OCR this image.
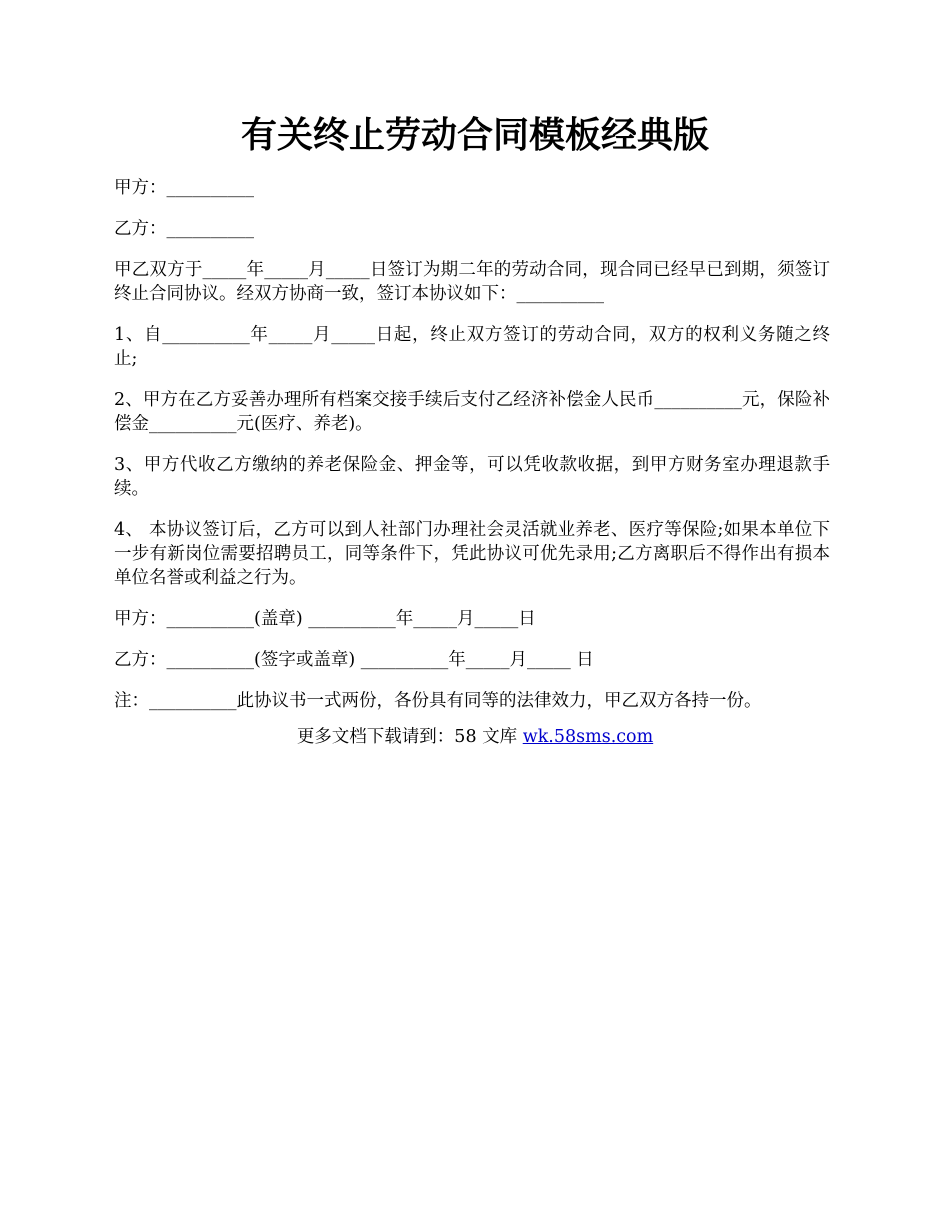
有关终止劳动合同模板经典版

甲方：__________

乙方：__________

甲乙双方于_____年_____月_____日签订为期二年的劳动合同，现合同已经早已到期，须签订终止合同协议。经双方协商一致，签订本协议如下：__________

1、自__________年_____月_____日起，终止双方签订的劳动合同，双方的权利义务随之终止;

2、甲方在乙方妥善办理所有档案交接手续后支付乙经济补偿金人民币__________元，保险补偿金__________元(医疗、养老)。

3、甲方代收乙方缴纳的养老保险金、押金等，可以凭收款收据，到甲方财务室办理退款手续。

4、 本协议签订后，乙方可以到人社部门办理社会灵活就业养老、医疗等保险;如果本单位下一步有新岗位需要招聘员工，同等条件下，凭此协议可优先录用;乙方离职后不得作出有损本单位名誉或利益之行为。

甲方：__________(盖章) __________年_____月_____日

乙方：__________(签字或盖章) __________年_____月_____ 日

注：__________此协议书一式两份，各份具有同等的法律效力，甲乙双方各持一份。

更多文档下载请到：58 文库 wk.58sms.com
